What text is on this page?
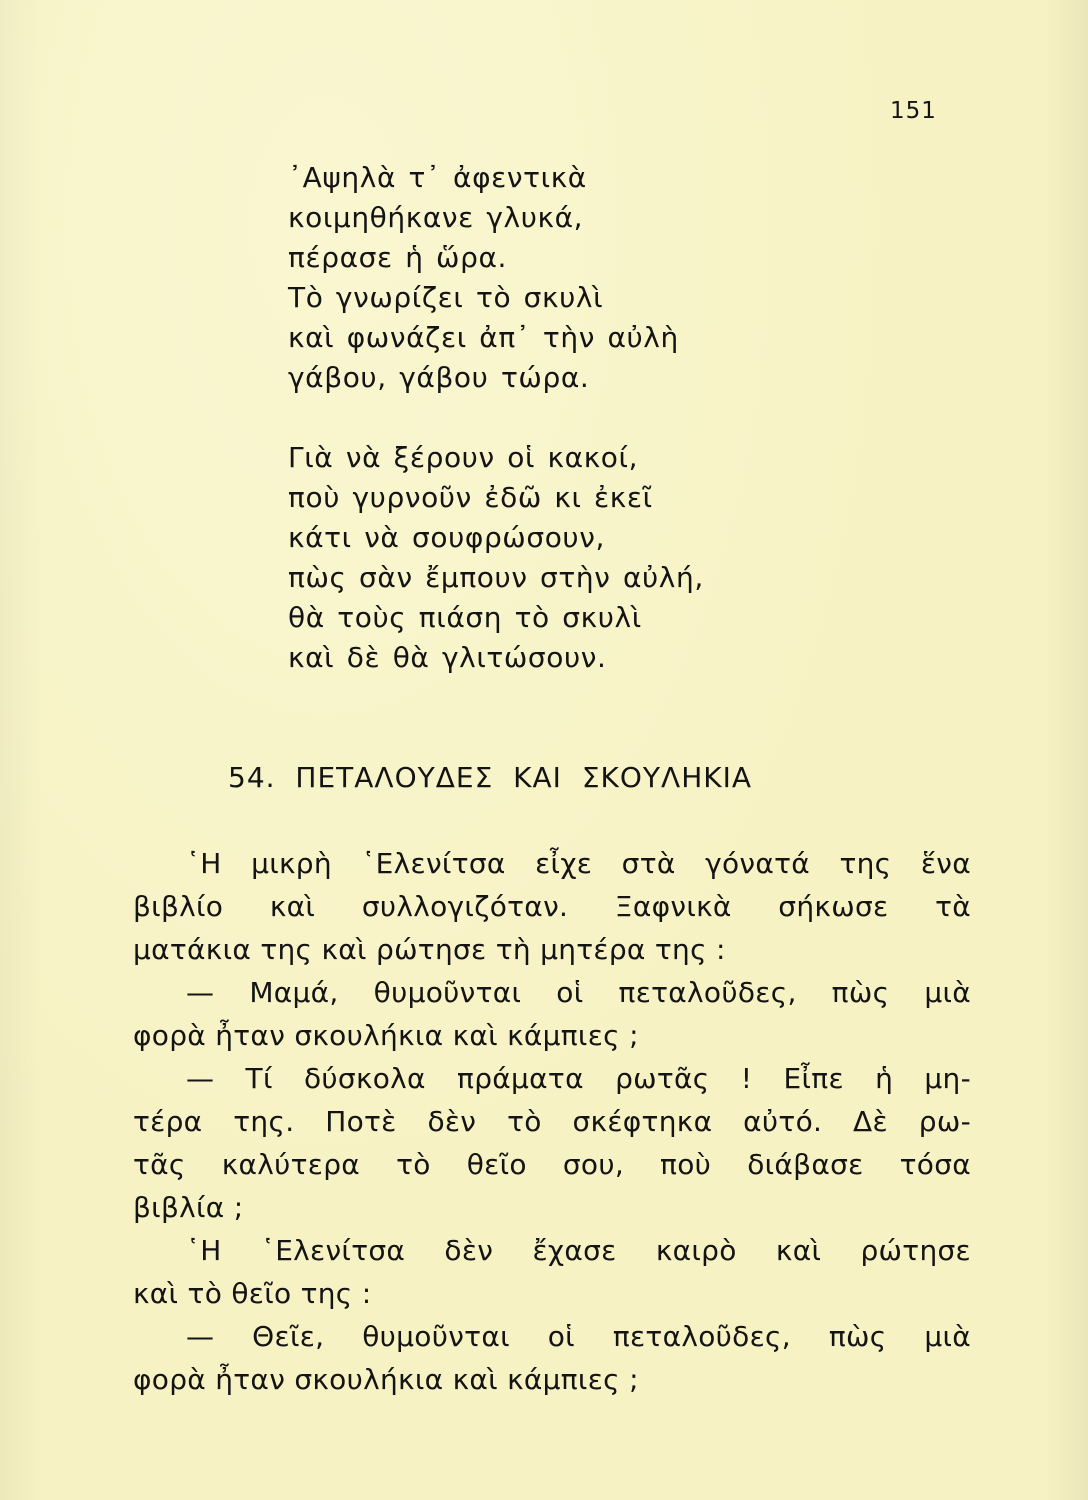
151
᾿Αψηλὰ τ᾿ ἀφεντικὰ
κοιμηθήκανε γλυκά,
πέρασε ἡ ὥρα.
Τὸ γνωρίζει τὸ σκυλὶ
καὶ φωνάζει ἀπ᾿ τὴν αὐλὴ
γάβου, γάβου τώρα.
Γιὰ νὰ ξέρουν οἱ κακοί,
ποὺ γυρνοῦν ἐδῶ κι ἐκεῖ
κάτι νὰ σουφρώσουν,
πὼς σὰν ἔμπουν στὴν αὐλή,
θὰ τοὺς πιάση τὸ σκυλὶ
καὶ δὲ θὰ γλιτώσουν.
54. ΠΕΤΑΛΟΥΔΕΣ ΚΑΙ ΣΚΟΥΛΗΚΙΑ
῾Η μικρὴ ῾Ελενίτσα εἶχε στὰ γόνατά της ἕνα
βιβλίο καὶ συλλογιζόταν. Ξαφνικὰ σήκωσε τὰ
ματάκια της καὶ ρώτησε τὴ μητέρα της :
— Μαμά, θυμοῦνται οἱ πεταλοῦδες, πὼς μιὰ
φορὰ ἦταν σκουλήκια καὶ κάμπιες ;
— Τί δύσκολα πράματα ρωτᾶς ! Εἶπε ἡ μη-
τέρα της. Ποτὲ δὲν τὸ σκέφτηκα αὐτό. Δὲ ρω-
τᾶς καλύτερα τὸ θεῖο σου, ποὺ διάβασε τόσα
βιβλία ;
῾Η ῾Ελενίτσα δὲν ἔχασε καιρὸ καὶ ρώτησε
καὶ τὸ θεῖο της :
— Θεῖε, θυμοῦνται οἱ πεταλοῦδες, πὼς μιὰ
φορὰ ἦταν σκουλήκια καὶ κάμπιες ;
